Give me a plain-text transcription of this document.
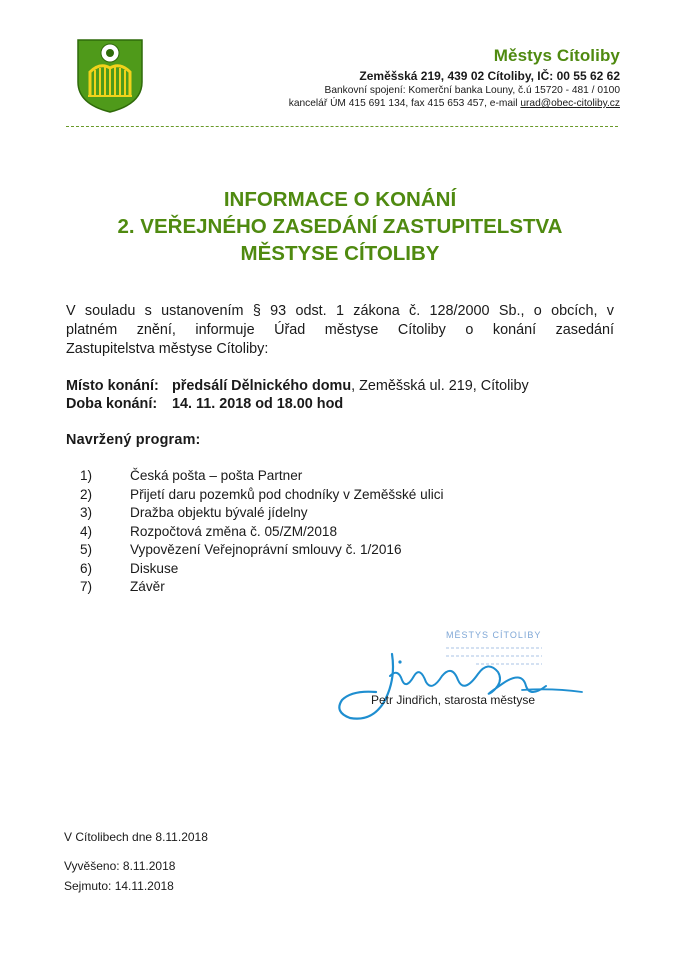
Městys Cítoliby
Zeměšská 219, 439 02 Cítoliby, IČ: 00 55 62 62
Bankovní spojení: Komerční banka Louny, č.ú 15720 - 481 / 0100
kancelář ÚM 415 691 134, fax 415 653 457, e-mail urad@obec-citoliby.cz
INFORMACE O KONÁNÍ
2. VEŘEJNÉHO ZASEDÁNÍ ZASTUPITELSTVA
MĚSTYSE CÍTOLIBY
V souladu s ustanovením § 93 odst. 1 zákona č. 128/2000 Sb., o obcích, v
platném znění, informuje Úřad městyse Cítoliby o konání zasedání
Zastupitelstva městyse Cítoliby:
Místo konání: předsálí Dělnického domu, Zeměšská ul. 219, Cítoliby
Doba konání: 14. 11. 2018 od 18.00 hod
Navržený program:
1)	Česká pošta – pošta Partner
2)	Přijetí daru pozemků pod chodníky v Zeměšské ulici
3)	Dražba objektu bývalé jídelny
4)	Rozpočtová změna č. 05/ZM/2018
5)	Vypovězení Veřejnoprávní smlouvy č. 1/2016
6)	Diskuse
7)	Závěr
MĚSTYS CÍTOLIBY
Petr Jindřich, starosta městyse
V Cítolibech dne 8.11.2018
Vyvěšeno: 8.11.2018
Sejmuto: 14.11.2018
